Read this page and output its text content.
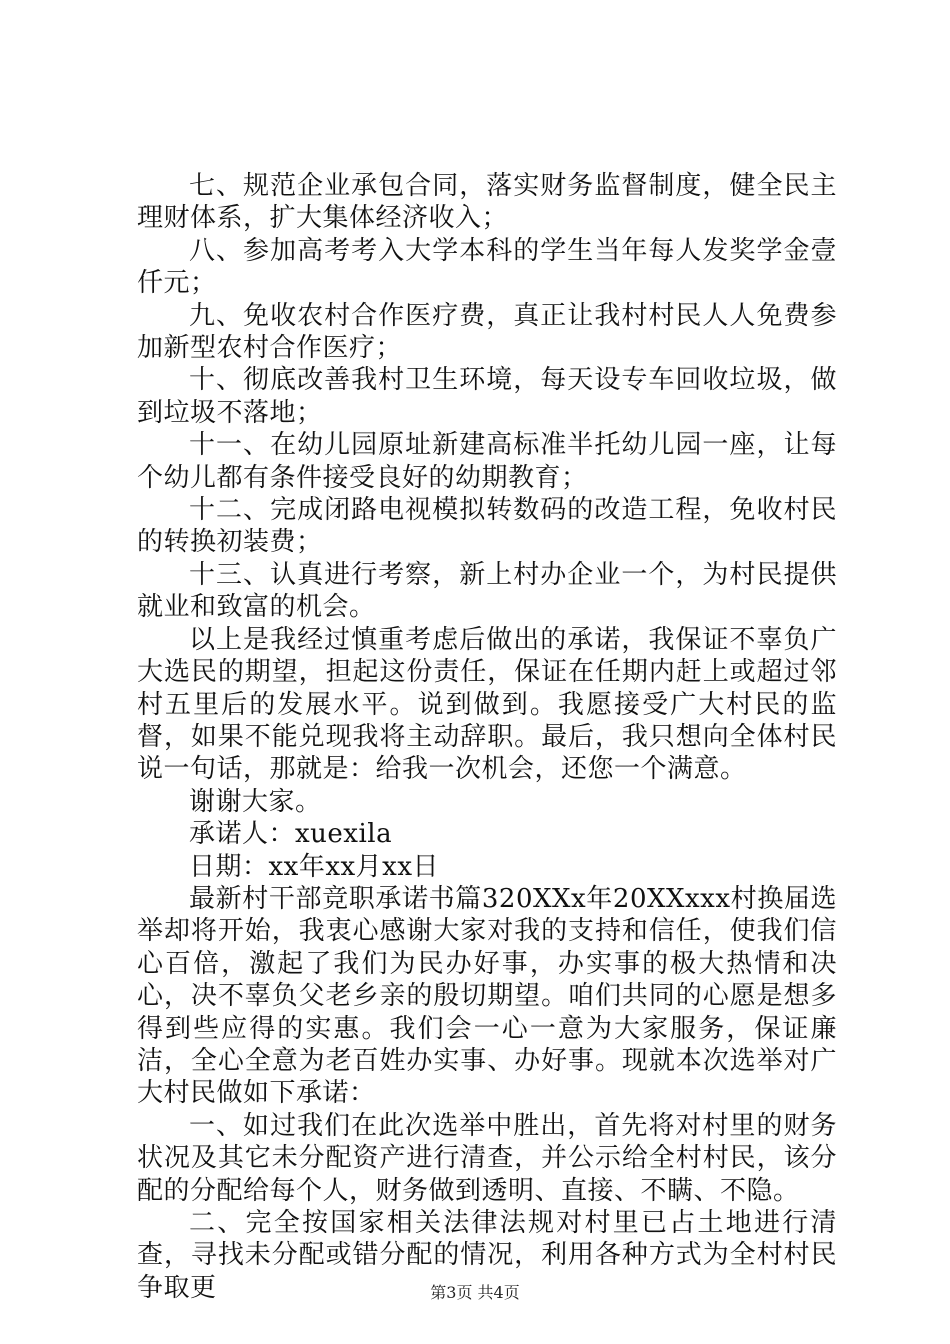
七、规范企业承包合同，落实财务监督制度，健全民主理财体系，扩大集体经济收入；

八、参加高考考入大学本科的学生当年每人发奖学金壹仟元；

九、免收农村合作医疗费，真正让我村村民人人免费参加新型农村合作医疗；

十、彻底改善我村卫生环境，每天设专车回收垃圾，做到垃圾不落地；

十一、在幼儿园原址新建高标准半托幼儿园一座，让每个幼儿都有条件接受良好的幼期教育；

十二、完成闭路电视模拟转数码的改造工程，免收村民的转换初装费；

十三、认真进行考察，新上村办企业一个，为村民提供就业和致富的机会。

以上是我经过慎重考虑后做出的承诺，我保证不辜负广大选民的期望，担起这份责任，保证在任期内赶上或超过邻村五里后的发展水平。说到做到。我愿接受广大村民的监督，如果不能兑现我将主动辞职。最后，我只想向全体村民说一句话，那就是：给我一次机会，还您一个满意。

谢谢大家。

承诺人：xuexila

日期：xx年xx月xx日

最新村干部竞职承诺书篇320XXx年20XXxxx村换届选举却将开始，我衷心感谢大家对我的支持和信任，使我们信心百倍，激起了我们为民办好事，办实事的极大热情和决心，决不辜负父老乡亲的殷切期望。咱们共同的心愿是想多得到些应得的实惠。我们会一心一意为大家服务，保证廉洁，全心全意为老百姓办实事、办好事。现就本次选举对广大村民做如下承诺：

一、如过我们在此次选举中胜出，首先将对村里的财务状况及其它未分配资产进行清查，并公示给全村村民，该分配的分配给每个人，财务做到透明、直接、不瞒、不隐。

二、完全按国家相关法律法规对村里已占土地进行清查，寻找未分配或错分配的情况，利用各种方式为全村村民争取更	第3页 共4页
